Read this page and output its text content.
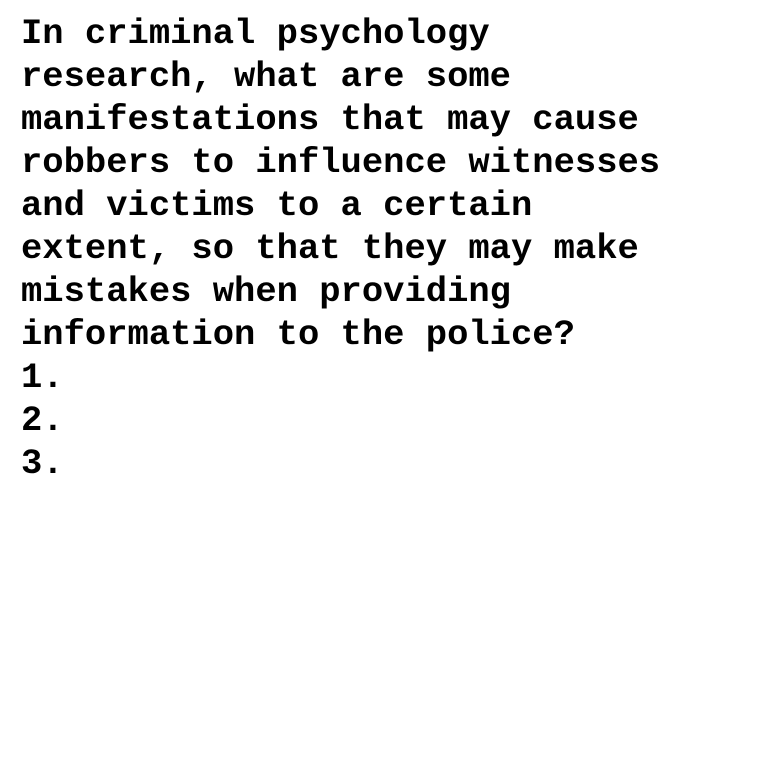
In criminal psychology
research, what are some
manifestations that may cause
robbers to influence witnesses
and victims to a certain
extent, so that they may make
mistakes when providing
information to the police?
1.
2.
3.
